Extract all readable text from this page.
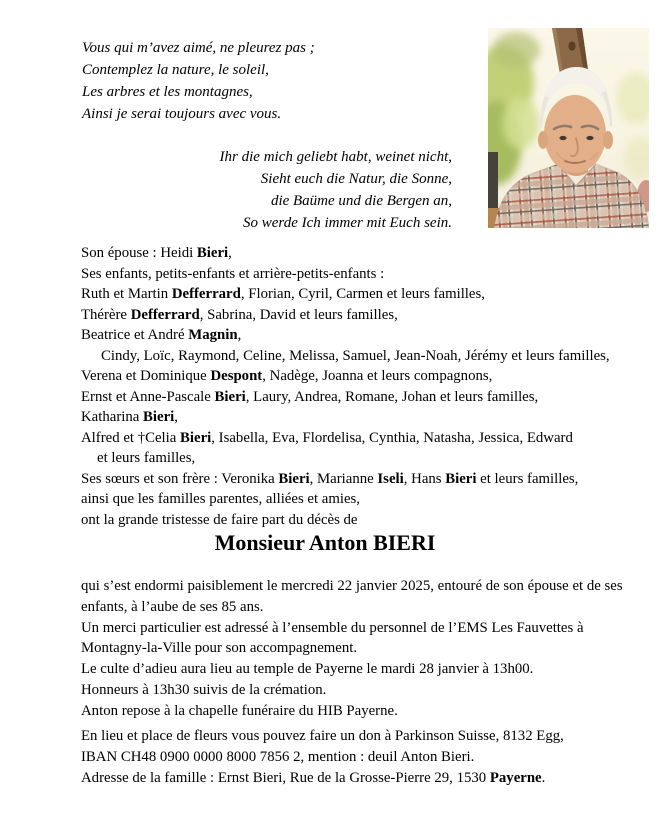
Vous qui m’avez aimé, ne pleurez pas ;
Contemplez la nature, le soleil,
Les arbres et les montagnes,
Ainsi je serai toujours avec vous.
Ihr die mich geliebt habt, weinet nicht,
Sieht euch die Natur, die Sonne,
die Baüme und die Bergen an,
So werde Ich immer mit Euch sein.
Son épouse : Heidi Bieri,
Ses enfants, petits-enfants et arrière-petits-enfants :
Ruth et Martin Defferrard, Florian, Cyril, Carmen et leurs familles,
Thérère Defferrard, Sabrina, David et leurs familles,
Beatrice et André Magnin,
Cindy, Loïc, Raymond, Celine, Melissa, Samuel, Jean-Noah, Jérémy et leurs familles,
Verena et Dominique Despont, Nadège, Joanna et leurs compagnons,
Ernst et Anne-Pascale Bieri, Laury, Andrea, Romane, Johan et leurs familles,
Katharina Bieri,
Alfred et †Celia Bieri, Isabella, Eva, Flordelisa, Cynthia, Natasha, Jessica, Edward
et leurs familles,
Ses sœurs et son frère : Veronika Bieri, Marianne Iseli, Hans Bieri et leurs familles,
ainsi que les familles parentes, alliées et amies,
ont la grande tristesse de faire part du décès de
Monsieur Anton BIERI
qui s’est endormi paisiblement le mercredi 22 janvier 2025, entouré de son épouse et de ses
enfants, à l’aube de ses 85 ans.
Un merci particulier est adressé à l’ensemble du personnel de l’EMS Les Fauvettes à
Montagny-la-Ville pour son accompagnement.
Le culte d’adieu aura lieu au temple de Payerne le mardi 28 janvier à 13h00.
Honneurs à 13h30 suivis de la crémation.
Anton repose à la chapelle funéraire du HIB Payerne.
En lieu et place de fleurs vous pouvez faire un don à Parkinson Suisse, 8132 Egg,
IBAN CH48 0900 0000 8000 7856 2, mention : deuil Anton Bieri.
Adresse de la famille : Ernst Bieri, Rue de la Grosse-Pierre 29, 1530 Payerne.
